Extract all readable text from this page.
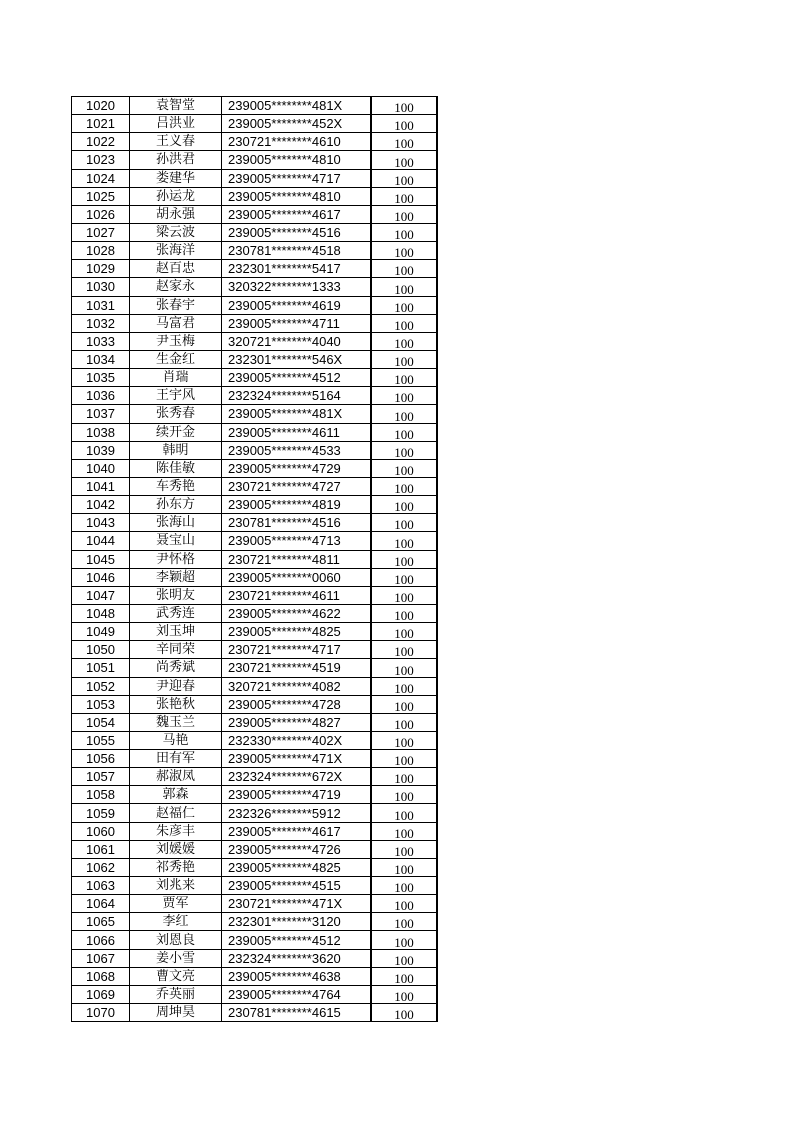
1020	袁智堂	239005********481X	100
1021	吕洪业	239005********452X	100
1022	王义春	230721********4610	100
1023	孙洪君	239005********4810	100
1024	娄建华	239005********4717	100
1025	孙运龙	239005********4810	100
1026	胡永强	239005********4617	100
1027	梁云波	239005********4516	100
1028	张海洋	230781********4518	100
1029	赵百忠	232301********5417	100
1030	赵家永	320322********1333	100
1031	张春宇	239005********4619	100
1032	马富君	239005********4711	100
1033	尹玉梅	320721********4040	100
1034	生金红	232301********546X	100
1035	肖瑞	239005********4512	100
1036	王宇风	232324********5164	100
1037	张秀春	239005********481X	100
1038	续开金	239005********4611	100
1039	韩明	239005********4533	100
1040	陈佳敏	239005********4729	100
1041	车秀艳	230721********4727	100
1042	孙东方	239005********4819	100
1043	张海山	230781********4516	100
1044	聂宝山	239005********4713	100
1045	尹怀格	230721********4811	100
1046	李颖超	239005********0060	100
1047	张明友	230721********4611	100
1048	武秀连	239005********4622	100
1049	刘玉坤	239005********4825	100
1050	辛同荣	230721********4717	100
1051	尚秀斌	230721********4519	100
1052	尹迎春	320721********4082	100
1053	张艳秋	239005********4728	100
1054	魏玉兰	239005********4827	100
1055	马艳	232330********402X	100
1056	田有军	239005********471X	100
1057	郝淑凤	232324********672X	100
1058	郭森	239005********4719	100
1059	赵福仁	232326********5912	100
1060	朱彦丰	239005********4617	100
1061	刘媛媛	239005********4726	100
1062	祁秀艳	239005********4825	100
1063	刘兆来	239005********4515	100
1064	贾军	230721********471X	100
1065	李红	232301********3120	100
1066	刘恩良	239005********4512	100
1067	姜小雪	232324********3620	100
1068	曹文亮	239005********4638	100
1069	乔英丽	239005********4764	100
1070	周坤昊	230781********4615	100
